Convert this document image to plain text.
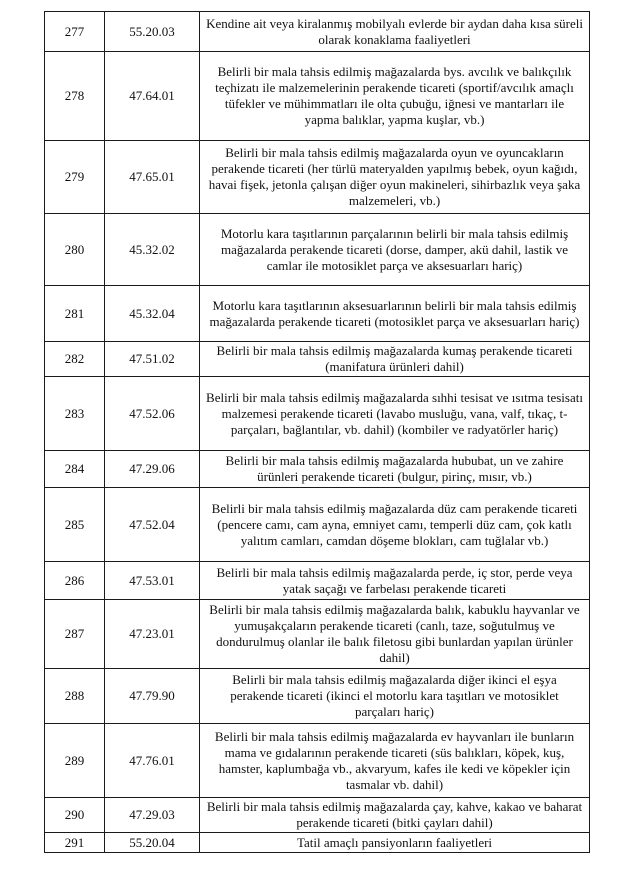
277	55.20.03	Kendine ait veya kiralanmış mobilyalı evlerde bir aydan daha kısa süreli olarak konaklama faaliyetleri
278	47.64.01	Belirli bir mala tahsis edilmiş mağazalarda bys. avcılık ve balıkçılık teçhizatı ile malzemelerinin perakende ticareti (sportif/avcılık amaçlı tüfekler ve mühimmatları ile olta çubuğu, iğnesi ve mantarları ile yapma balıklar, yapma kuşlar, vb.)
279	47.65.01	Belirli bir mala tahsis edilmiş mağazalarda oyun ve oyuncakların perakende ticareti (her türlü materyalden yapılmış bebek, oyun kağıdı, havai fişek, jetonla çalışan diğer oyun makineleri, sihirbazlık veya şaka malzemeleri, vb.)
280	45.32.02	Motorlu kara taşıtlarının parçalarının belirli bir mala tahsis edilmiş mağazalarda perakende ticareti (dorse, damper, akü dahil, lastik ve camlar ile motosiklet parça ve aksesuarları hariç)
281	45.32.04	Motorlu kara taşıtlarının aksesuarlarının belirli bir mala tahsis edilmiş mağazalarda perakende ticareti (motosiklet parça ve aksesuarları hariç)
282	47.51.02	Belirli bir mala tahsis edilmiş mağazalarda kumaş perakende ticareti (manifatura ürünleri dahil)
283	47.52.06	Belirli bir mala tahsis edilmiş mağazalarda sıhhi tesisat ve ısıtma tesisatı malzemesi perakende ticareti (lavabo musluğu, vana, valf, tıkaç, t-parçaları, bağlantılar, vb. dahil) (kombiler ve radyatörler hariç)
284	47.29.06	Belirli bir mala tahsis edilmiş mağazalarda hububat, un ve zahire ürünleri perakende ticareti (bulgur, pirinç, mısır, vb.)
285	47.52.04	Belirli bir mala tahsis edilmiş mağazalarda düz cam perakende ticareti (pencere camı, cam ayna, emniyet camı, temperli düz cam, çok katlı yalıtım camları, camdan döşeme blokları, cam tuğlalar vb.)
286	47.53.01	Belirli bir mala tahsis edilmiş mağazalarda perde, iç stor, perde veya yatak saçağı ve farbelası perakende ticareti
287	47.23.01	Belirli bir mala tahsis edilmiş mağazalarda balık, kabuklu hayvanlar ve yumuşakçaların perakende ticareti (canlı, taze, soğutulmuş ve dondurulmuş olanlar ile balık filetosu gibi bunlardan yapılan ürünler dahil)
288	47.79.90	Belirli bir mala tahsis edilmiş mağazalarda diğer ikinci el eşya perakende ticareti (ikinci el motorlu kara taşıtları ve motosiklet parçaları hariç)
289	47.76.01	Belirli bir mala tahsis edilmiş mağazalarda ev hayvanları ile bunların mama ve gıdalarının perakende ticareti (süs balıkları, köpek, kuş, hamster, kaplumbağa vb., akvaryum, kafes ile kedi ve köpekler için tasmalar vb. dahil)
290	47.29.03	Belirli bir mala tahsis edilmiş mağazalarda çay, kahve, kakao ve baharat perakende ticareti (bitki çayları dahil)
291	55.20.04	Tatil amaçlı pansiyonların faaliyetleri
